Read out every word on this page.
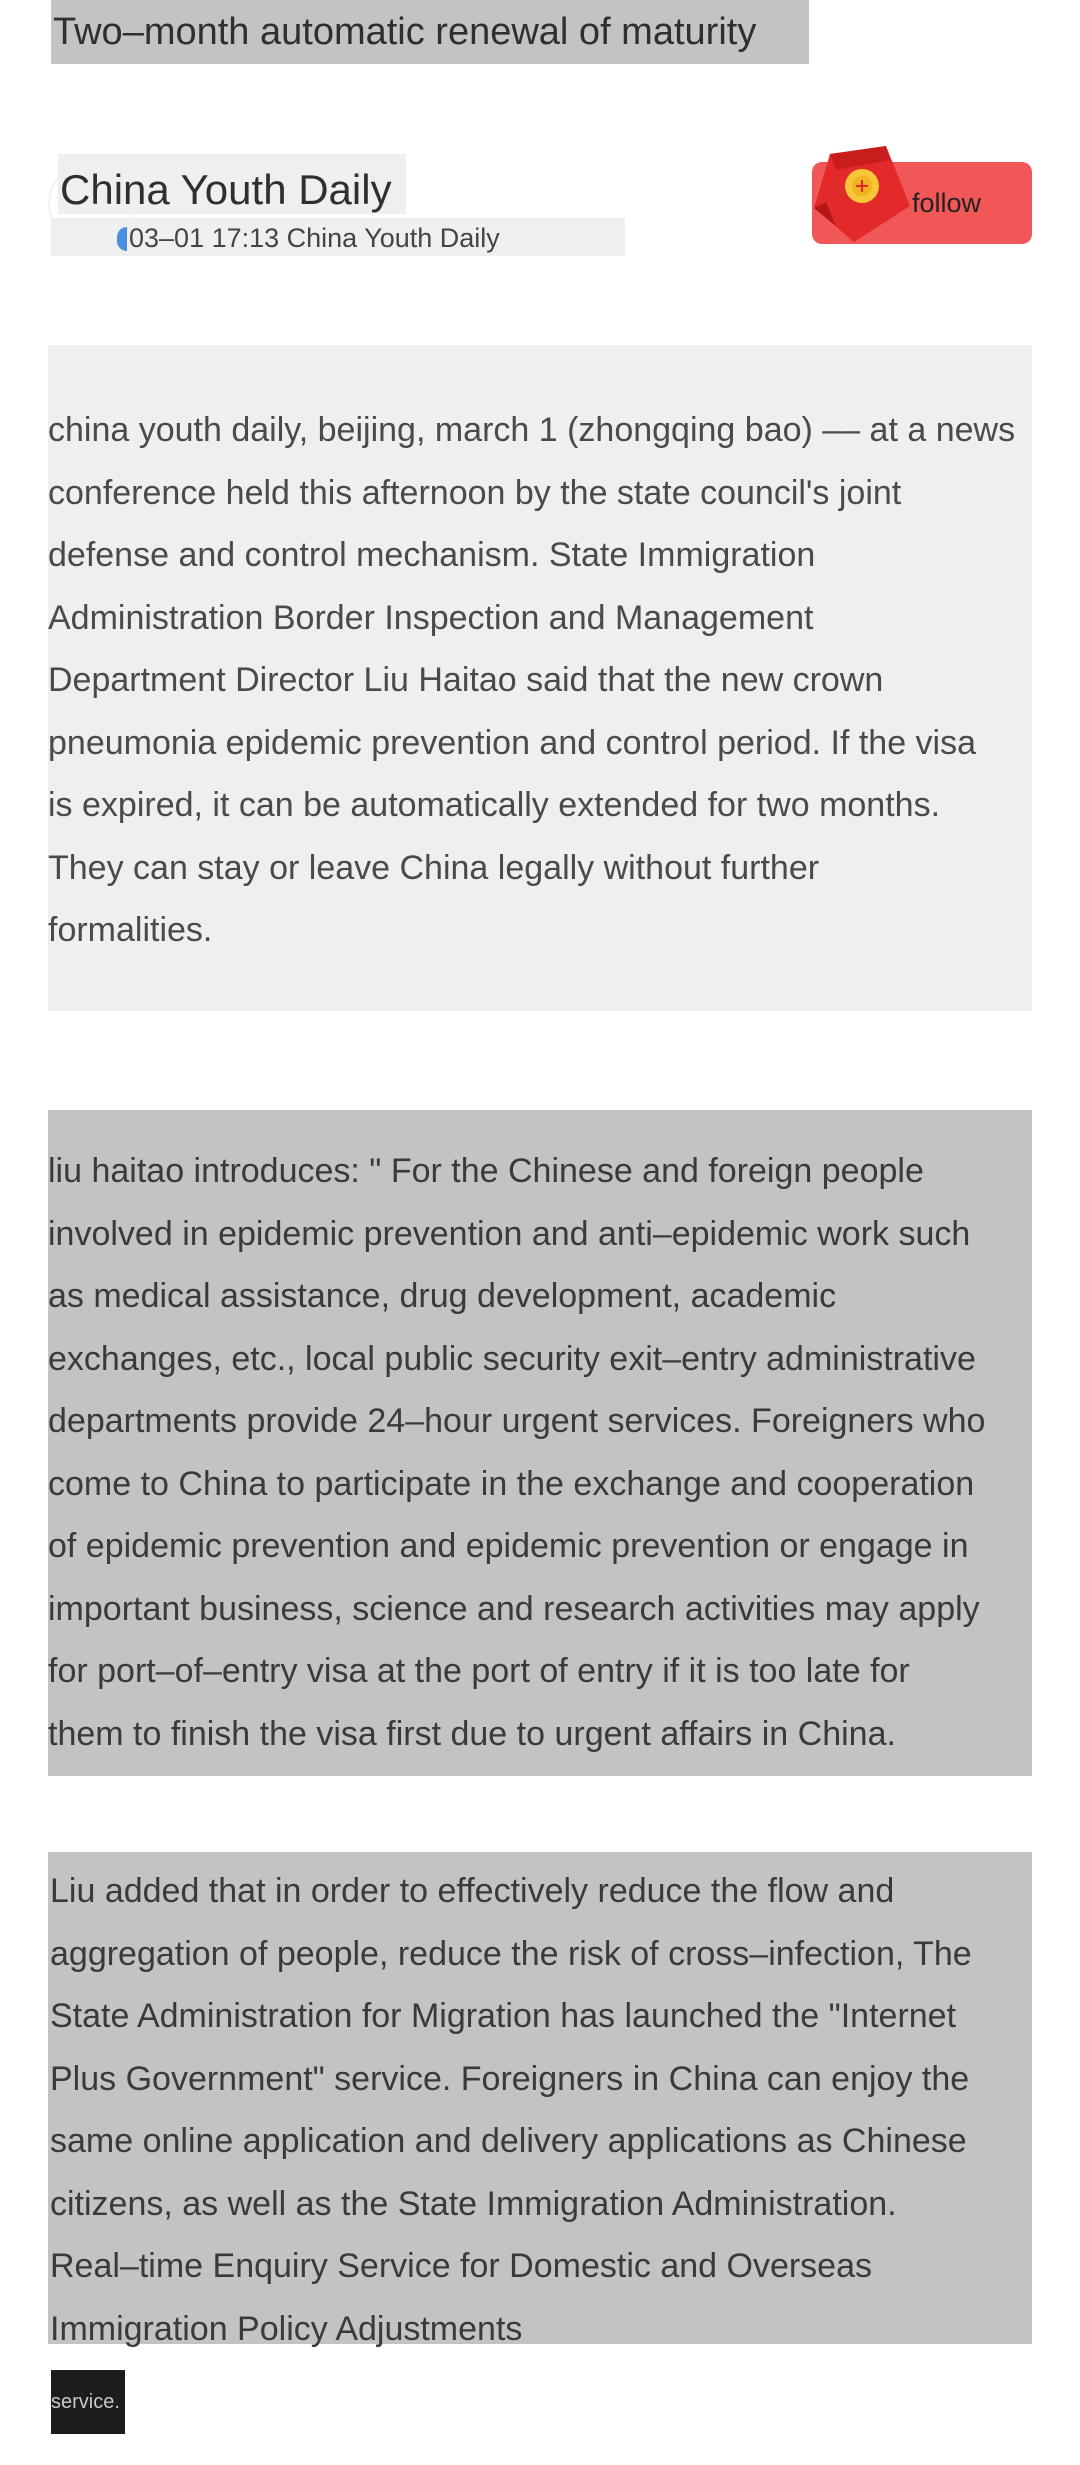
Two–month automatic renewal of maturity
China Youth Daily
03–01 17:13 China Youth Daily
follow
china youth daily, beijing, march 1 (zhongqing bao) –– at a news
conference held this afternoon by the state council's joint
defense and control mechanism. State Immigration
Administration Border Inspection and Management
Department Director Liu Haitao said that the new crown
pneumonia epidemic prevention and control period. If the visa
is expired, it can be automatically extended for two months.
They can stay or leave China legally without further
formalities.
liu haitao introduces: " For the Chinese and foreign people
involved in epidemic prevention and anti–epidemic work such
as medical assistance, drug development, academic
exchanges, etc., local public security exit–entry administrative
departments provide 24–hour urgent services. Foreigners who
come to China to participate in the exchange and cooperation
of epidemic prevention and epidemic prevention or engage in
important business, science and research activities may apply
for port–of–entry visa at the port of entry if it is too late for
them to finish the visa first due to urgent affairs in China.
Liu added that in order to effectively reduce the flow and
aggregation of people, reduce the risk of cross–infection, The
State Administration for Migration has launched the "Internet
Plus Government" service. Foreigners in China can enjoy the
same online application and delivery applications as Chinese
citizens, as well as the State Immigration Administration.
Real–time Enquiry Service for Domestic and Overseas
Immigration Policy Adjustments
service.
